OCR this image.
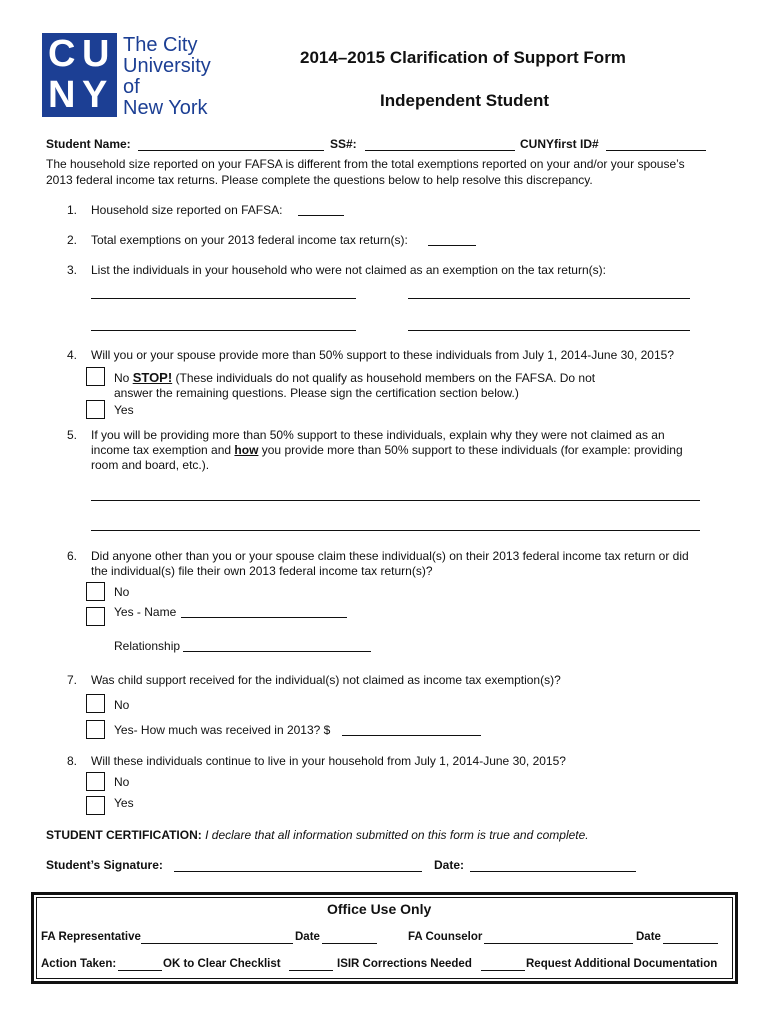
C U
N Y
The City
University
of
New York
2014–2015 Clarification of Support Form
Independent Student
Student Name:	SS#:	CUNYfirst ID#
The household size reported on your FAFSA is different from the total exemptions reported on your and/or your spouse’s
2013 federal income tax returns. Please complete the questions below to help resolve this discrepancy.
1. Household size reported on FAFSA:
2. Total exemptions on your 2013 federal income tax return(s):
3. List the individuals in your household who were not claimed as an exemption on the tax return(s):
4. Will you or your spouse provide more than 50% support to these individuals from July 1, 2014-June 30, 2015?
No STOP! (These individuals do not qualify as household members on the FAFSA. Do not
answer the remaining questions. Please sign the certification section below.)
Yes
5. If you will be providing more than 50% support to these individuals, explain why they were not claimed as an
income tax exemption and how you provide more than 50% support to these individuals (for example: providing
room and board, etc.).
6. Did anyone other than you or your spouse claim these individual(s) on their 2013 federal income tax return or did
the individual(s) file their own 2013 federal income tax return(s)?
No
Yes - Name
Relationship
7. Was child support received for the individual(s) not claimed as income tax exemption(s)?
No
Yes- How much was received in 2013? $
8. Will these individuals continue to live in your household from July 1, 2014-June 30, 2015?
No
Yes
STUDENT CERTIFICATION: I declare that all information submitted on this form is true and complete.
Student’s Signature:	Date:
Office Use Only
FA Representative	Date	FA Counselor	Date
Action Taken:	OK to Clear Checklist	ISIR Corrections Needed	Request Additional Documentation
